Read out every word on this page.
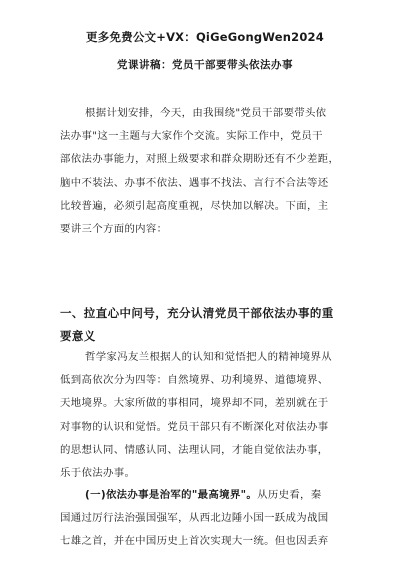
更多免费公文+VX：QiGeGongWen2024
党课讲稿：党员干部要带头依法办事
根据计划安排，今天，由我围绕"党员干部要带头依
法办事"这一主题与大家作个交流。实际工作中，党员干
部依法办事能力，对照上级要求和群众期盼还有不少差距，
脑中不装法、办事不依法、遇事不找法、言行不合法等还
比较普遍，必须引起高度重视，尽快加以解决。下面，主
要讲三个方面的内容：
一、拉直心中问号，充分认清党员干部依法办事的重
要意义
哲学家冯友兰根据人的认知和觉悟把人的精神境界从
低到高依次分为四等：自然境界、功利境界、道德境界、
天地境界。大家所做的事相同，境界却不同，差别就在于
对事物的认识和觉悟。党员干部只有不断深化对依法办事
的思想认同、情感认同、法理认同，才能自觉依法办事，
乐于依法办事。
(一)依法办事是治军的"最高境界"。从历史看，秦
国通过厉行法治强国强军，从西北边陲小国一跃成为战国
七雄之首，并在中国历史上首次实现大一统。但也因丢弃
